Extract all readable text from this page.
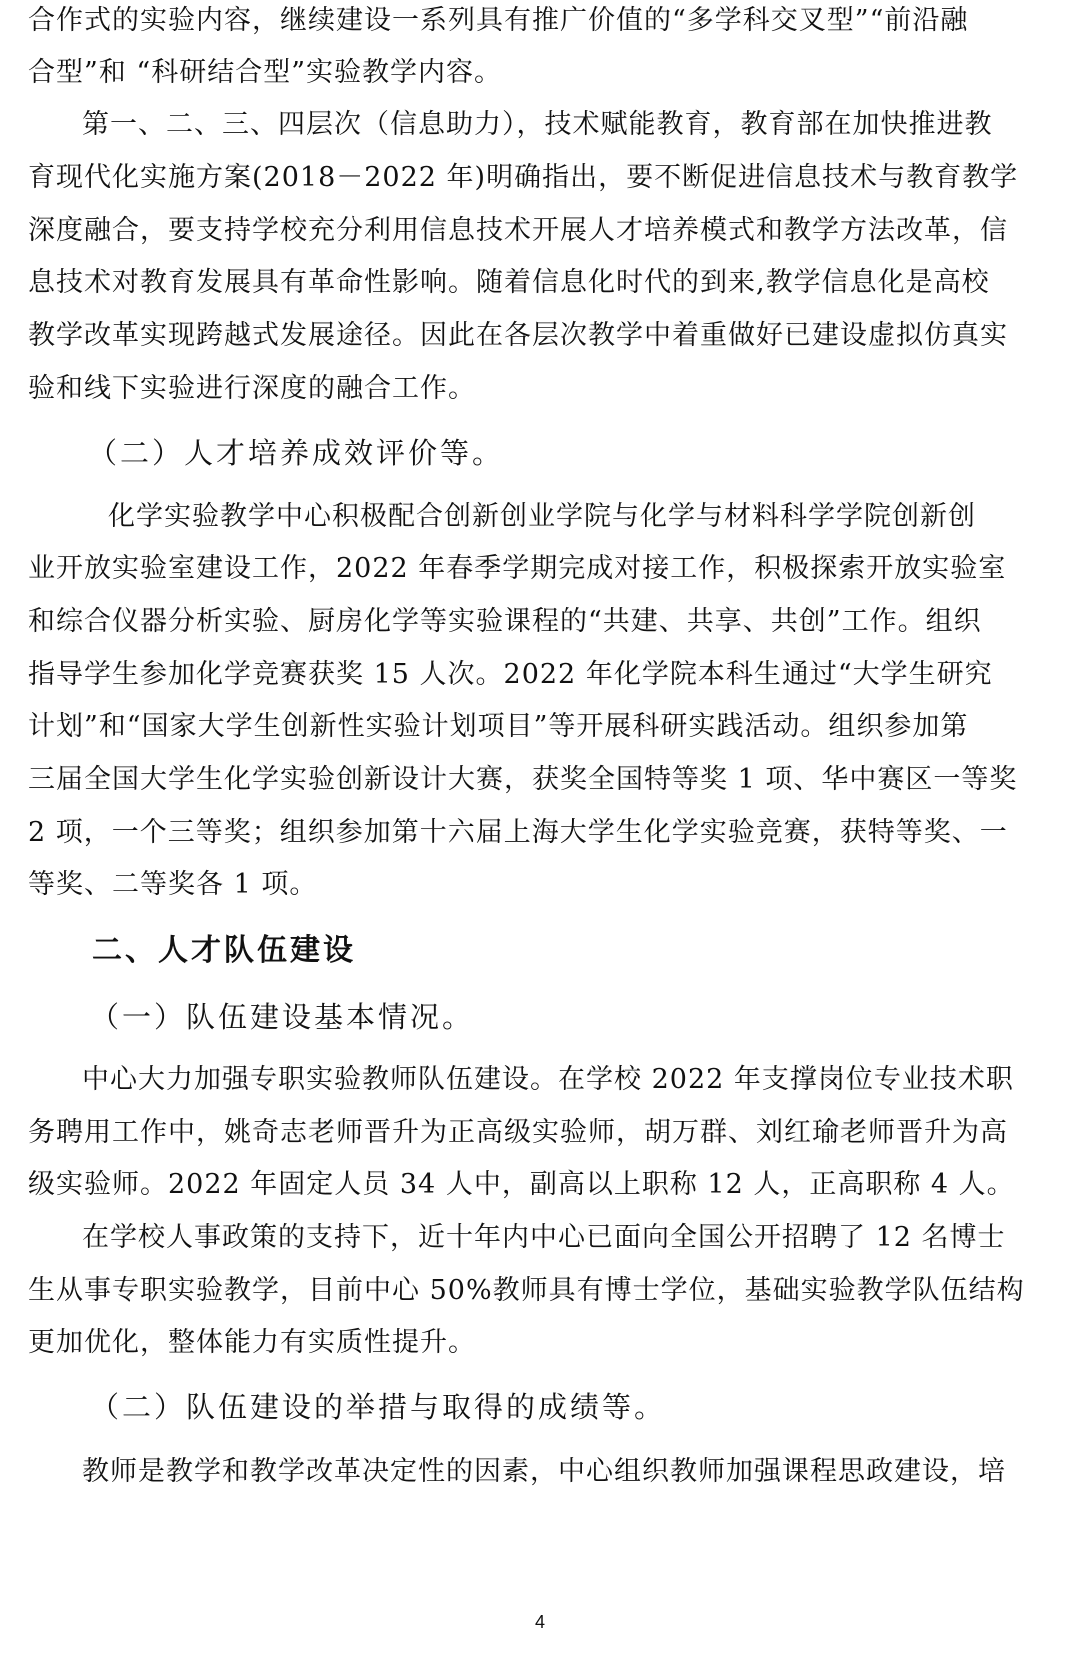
合作式的实验内容，继续建设一系列具有推广价值的“多学科交叉型”“前沿融
合型”和 “科研结合型”实验教学内容。
第一、二、三、四层次（信息助力），技术赋能教育，教育部在加快推进教
育现代化实施方案(2018－2022 年)明确指出，要不断促进信息技术与教育教学
深度融合，要支持学校充分利用信息技术开展人才培养模式和教学方法改革，信
息技术对教育发展具有革命性影响。随着信息化时代的到来,教学信息化是高校
教学改革实现跨越式发展途径。因此在各层次教学中着重做好已建设虚拟仿真实
验和线下实验进行深度的融合工作。
（二）人才培养成效评价等。
化学实验教学中心积极配合创新创业学院与化学与材料科学学院创新创
业开放实验室建设工作，2022 年春季学期完成对接工作，积极探索开放实验室
和综合仪器分析实验、厨房化学等实验课程的“共建、共享、共创”工作。组织
指导学生参加化学竞赛获奖 15 人次。2022 年化学院本科生通过“大学生研究
计划”和“国家大学生创新性实验计划项目”等开展科研实践活动。组织参加第
三届全国大学生化学实验创新设计大赛，获奖全国特等奖 1 项、华中赛区一等奖
2 项，一个三等奖；组织参加第十六届上海大学生化学实验竞赛，获特等奖、一
等奖、二等奖各 1 项。
二、人才队伍建设
（一）队伍建设基本情况。
中心大力加强专职实验教师队伍建设。在学校 2022 年支撑岗位专业技术职
务聘用工作中，姚奇志老师晋升为正高级实验师，胡万群、刘红瑜老师晋升为高
级实验师。2022 年固定人员 34 人中，副高以上职称 12 人，正高职称 4 人。
在学校人事政策的支持下，近十年内中心已面向全国公开招聘了 12 名博士
生从事专职实验教学，目前中心 50%教师具有博士学位，基础实验教学队伍结构
更加优化，整体能力有实质性提升。
（二）队伍建设的举措与取得的成绩等。
教师是教学和教学改革决定性的因素，中心组织教师加强课程思政建设，培
4
